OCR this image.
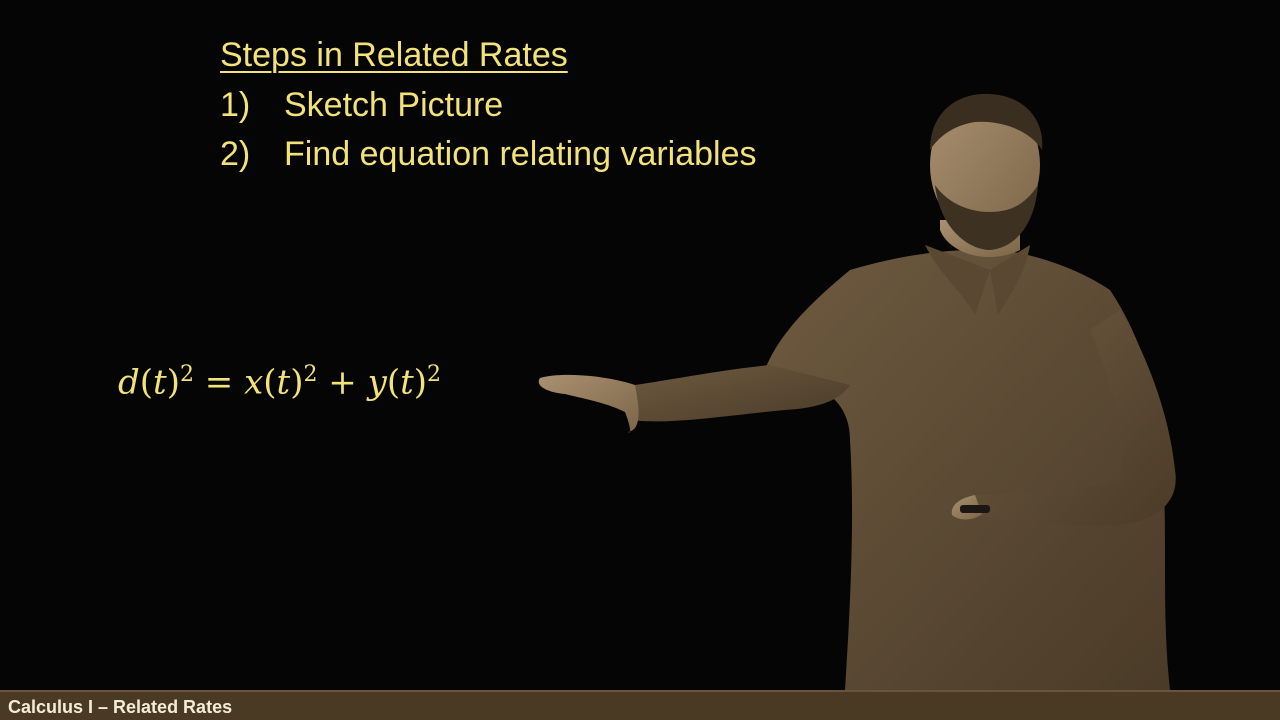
Steps in Related Rates
1) Sketch Picture
2) Find equation relating variables
$d(t)^2 = x(t)^2 + y(t)^2$
Calculus I – Related Rates
